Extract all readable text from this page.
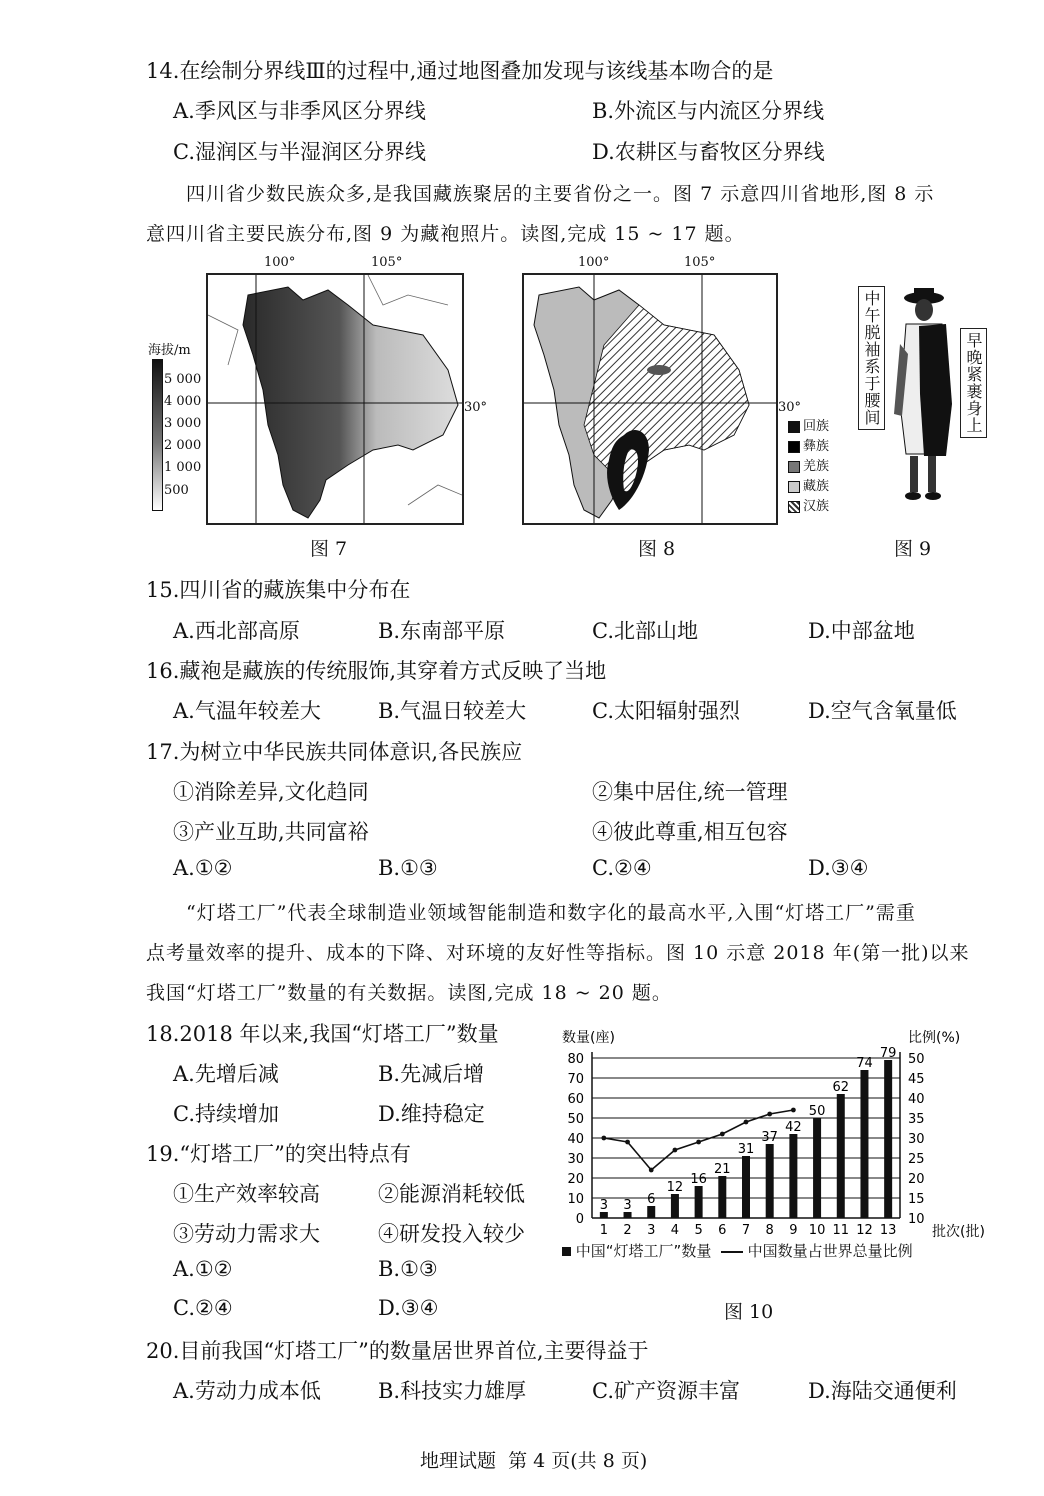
14.在绘制分界线Ⅲ的过程中,通过地图叠加发现与该线基本吻合的是
A.季风区与非季风区分界线	B.外流区与内流区分界线
C.湿润区与半湿润区分界线	D.农耕区与畜牧区分界线
四川省少数民族众多,是我国藏族聚居的主要省份之一。图 7 示意四川省地形,图 8 示
意四川省主要民族分布,图 9 为藏袍照片。读图,完成 15 ~ 17 题。
100°	105°
30°
海拔/m
5 000
4 000
3 000
2 000
1 000
500
图 7
100°	105°
30°
回族
彝族
羌族
藏族
汉族
图 8
中午脱袖系于腰间	早晚紧裹身上
图 9
15.四川省的藏族集中分布在
A.西北部高原	B.东南部平原	C.北部山地	D.中部盆地
16.藏袍是藏族的传统服饰,其穿着方式反映了当地
A.气温年较差大	B.气温日较差大	C.太阳辐射强烈	D.空气含氧量低
17.为树立中华民族共同体意识,各民族应
①消除差异,文化趋同	②集中居住,统一管理
③产业互助,共同富裕	④彼此尊重,相互包容
A.①②	B.①③	C.②④	D.③④
“灯塔工厂”代表全球制造业领域智能制造和数字化的最高水平,入围“灯塔工厂”需重
点考量效率的提升、成本的下降、对环境的友好性等指标。图 10 示意 2018 年(第一批)以来
我国“灯塔工厂”数量的有关数据。读图,完成 18 ~ 20 题。
18.2018 年以来,我国“灯塔工厂”数量
A.先增后减	B.先减后增
C.持续增加	D.维持稳定
19.“灯塔工厂”的突出特点有
①生产效率较高	②能源消耗较低
③劳动力需求大	④研发投入较少
A.①②	B.①③
C.②④	D.③④
数量(座)	比例(%)
批次(批)
3 3 6
12
16
21
31
37
42
50
62
74
79
0
10
20
30
40
50
60
70
80
10
15
20
25
30
35
40
45
50
1 2 3 4 5 6 7 8 9 10 11 12 13
中国“灯塔工厂”数量 中国数量占世界总量比例
图 10
20.目前我国“灯塔工厂”的数量居世界首位,主要得益于
A.劳动力成本低	B.科技实力雄厚	C.矿产资源丰富	D.海陆交通便利
地理试题  第 4 页(共 8 页)
